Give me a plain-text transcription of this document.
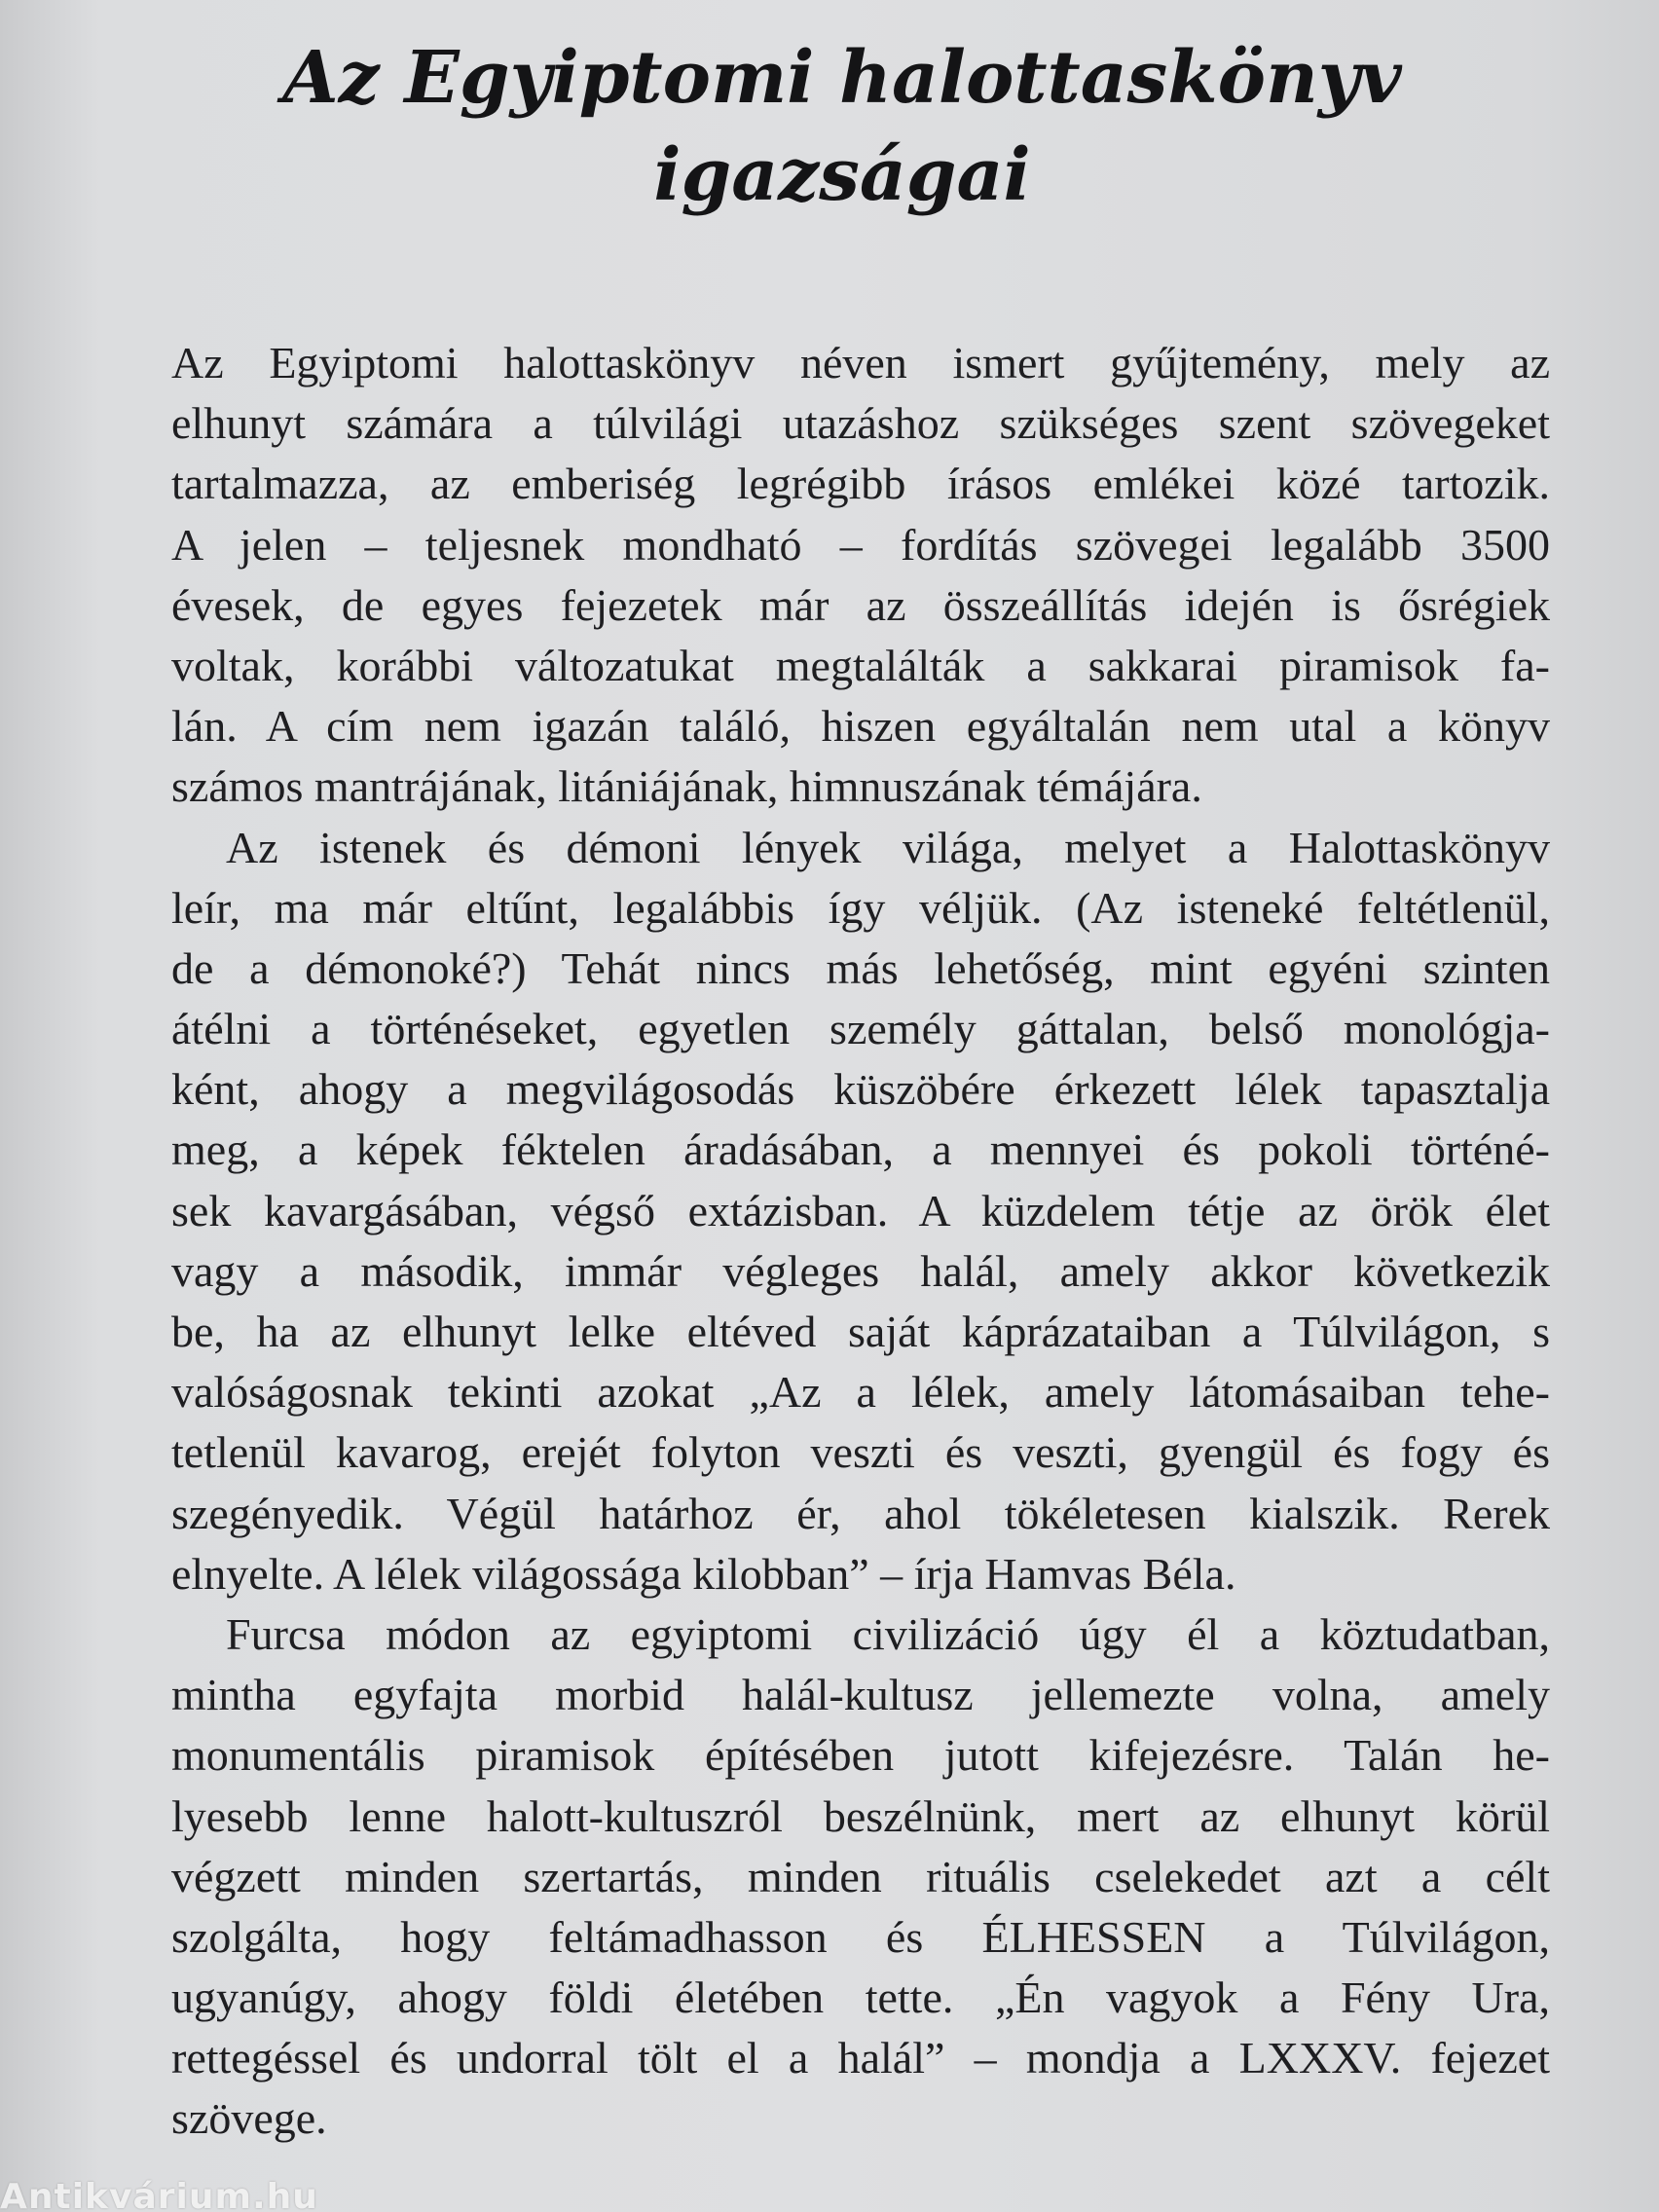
Az Egyiptomi halottaskönyv
igazságai

Az Egyiptomi halottaskönyv néven ismert gyűjtemény, mely az
elhunyt számára a túlvilági utazáshoz szükséges szent szövegeket
tartalmazza, az emberiség legrégibb írásos emlékei közé tartozik.
A jelen – teljesnek mondható – fordítás szövegei legalább 3500
évesek, de egyes fejezetek már az összeállítás idején is ősrégiek
voltak, korábbi változatukat megtalálták a sakkarai piramisok fa-
lán. A cím nem igazán találó, hiszen egyáltalán nem utal a könyv
számos mantrájának, litániájának, himnuszának témájára.

Az istenek és démoni lények világa, melyet a Halottaskönyv
leír, ma már eltűnt, legalábbis így véljük. (Az isteneké feltétlenül,
de a démonoké?) Tehát nincs más lehetőség, mint egyéni szinten
átélni a történéseket, egyetlen személy gáttalan, belső monológja-
ként, ahogy a megvilágosodás küszöbére érkezett lélek tapasztalja
meg, a képek féktelen áradásában, a mennyei és pokoli történé-
sek kavargásában, végső extázisban. A küzdelem tétje az örök élet
vagy a második, immár végleges halál, amely akkor következik
be, ha az elhunyt lelke eltéved saját káprázataiban a Túlvilágon, s
valóságosnak tekinti azokat „Az a lélek, amely látomásaiban tehe-
tetlenül kavarog, erejét folyton veszti és veszti, gyengül és fogy és
szegényedik. Végül határhoz ér, ahol tökéletesen kialszik. Rerek
elnyelte. A lélek világossága kilobban” – írja Hamvas Béla.

Furcsa módon az egyiptomi civilizáció úgy él a köztudatban,
mintha egyfajta morbid halál-kultusz jellemezte volna, amely
monumentális piramisok építésében jutott kifejezésre. Talán he-
lyesebb lenne halott-kultuszról beszélnünk, mert az elhunyt körül
végzett minden szertartás, minden rituális cselekedet azt a célt
szolgálta, hogy feltámadhasson és ÉLHESSEN a Túlvilágon,
ugyanúgy, ahogy földi életében tette. „Én vagyok a Fény Ura,
rettegéssel és undorral tölt el a halál” – mondja a LXXXV. fejezet
szövege.

Antikvárium.hu
